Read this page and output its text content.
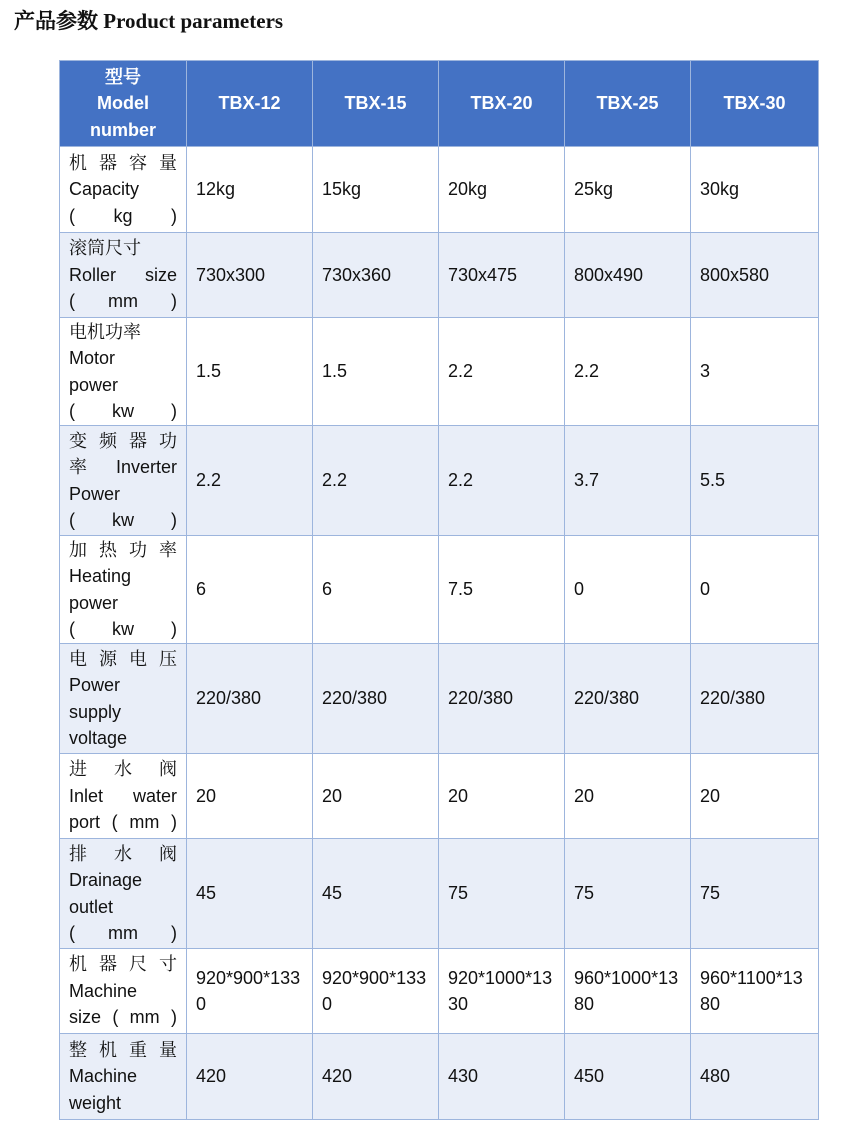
产品参数 Product parameters
型号
Model
number	TBX-12	TBX-15	TBX-20	TBX-25	TBX-30

机 器 容 量
Capacity
( kg )	12kg	15kg	20kg	25kg	30kg

滚筒尺寸
Roller size
( mm )	730x300	730x360	730x475	800x490	800x580

电机功率
Motor
power
( kw )	1.5	1.5	2.2	2.2	3

变 频 器 功
率 Inverter
Power
( kw )	2.2	2.2	2.2	3.7	5.5

加 热 功 率
Heating
power
( kw )	6	6	7.5	0	0

电 源 电 压
Power
supply
voltage	220/380	220/380	220/380	220/380	220/380

进 水 阀
Inlet water
port ( mm )	20	20	20	20	20

排 水 阀
Drainage
outlet
( mm )	45	45	75	75	75

机 器 尺 寸
Machine
size ( mm )	920*900*1330	920*900*1330	920*1000*1330	960*1000*1380	960*1100*1380

整 机 重 量
Machine
weight	420	420	430	450	480
